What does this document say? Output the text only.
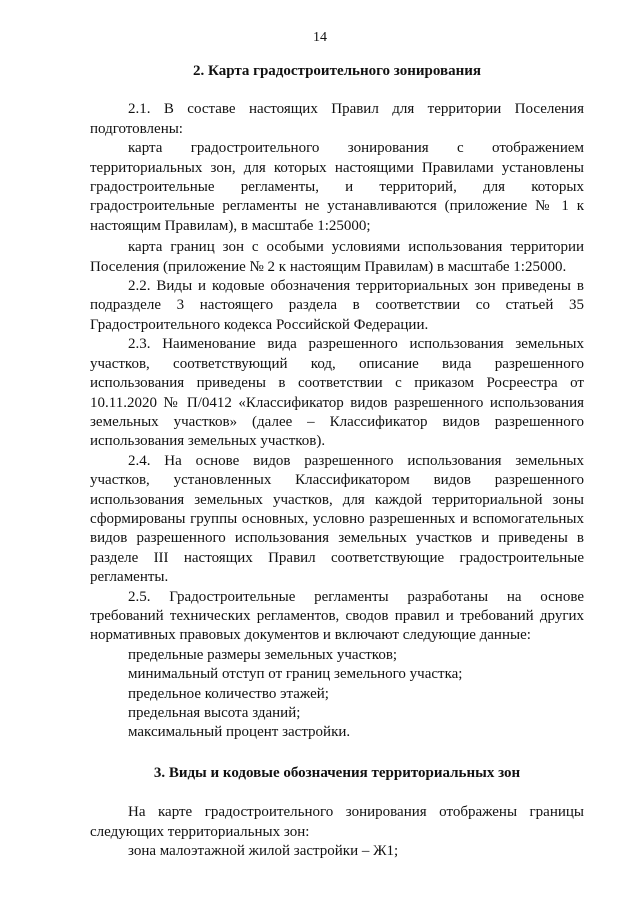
14
2. Карта градостроительного зонирования

2.1. В составе настоящих Правил для территории Поселения подготовлены:

карта градостроительного зонирования с отображением территориальных зон, для которых настоящими Правилами установлены градостроительные регламенты, и территорий, для которых градостроительные регламенты не устанавливаются (приложение № 1 к настоящим Правилам), в масштабе 1:25000;

карта границ зон с особыми условиями использования территории Поселения (приложение № 2 к настоящим Правилам) в масштабе 1:25000.

2.2. Виды и кодовые обозначения территориальных зон приведены в подразделе 3 настоящего раздела в соответствии со статьей 35 Градостроительного кодекса Российской Федерации.

2.3. Наименование вида разрешенного использования земельных участков, соответствующий код, описание вида разрешенного использования приведены в соответствии с приказом Росреестра от 10.11.2020 № П/0412 «Классификатор видов разрешенного использования земельных участков» (далее – Классификатор видов разрешенного использования земельных участков).

2.4. На основе видов разрешенного использования земельных участков, установленных Классификатором видов разрешенного использования земельных участков, для каждой территориальной зоны сформированы группы основных, условно разрешенных и вспомогательных видов разрешенного использования земельных участков и приведены в разделе III настоящих Правил соответствующие градостроительные регламенты.

2.5. Градостроительные регламенты разработаны на основе требований технических регламентов, сводов правил и требований других нормативных правовых документов и включают следующие данные:

предельные размеры земельных участков;

минимальный отступ от границ земельного участка;

предельное количество этажей;

предельная высота зданий;

максимальный процент застройки.

3. Виды и кодовые обозначения территориальных зон

На карте градостроительного зонирования отображены границы следующих территориальных зон:

зона малоэтажной жилой застройки – Ж1;
